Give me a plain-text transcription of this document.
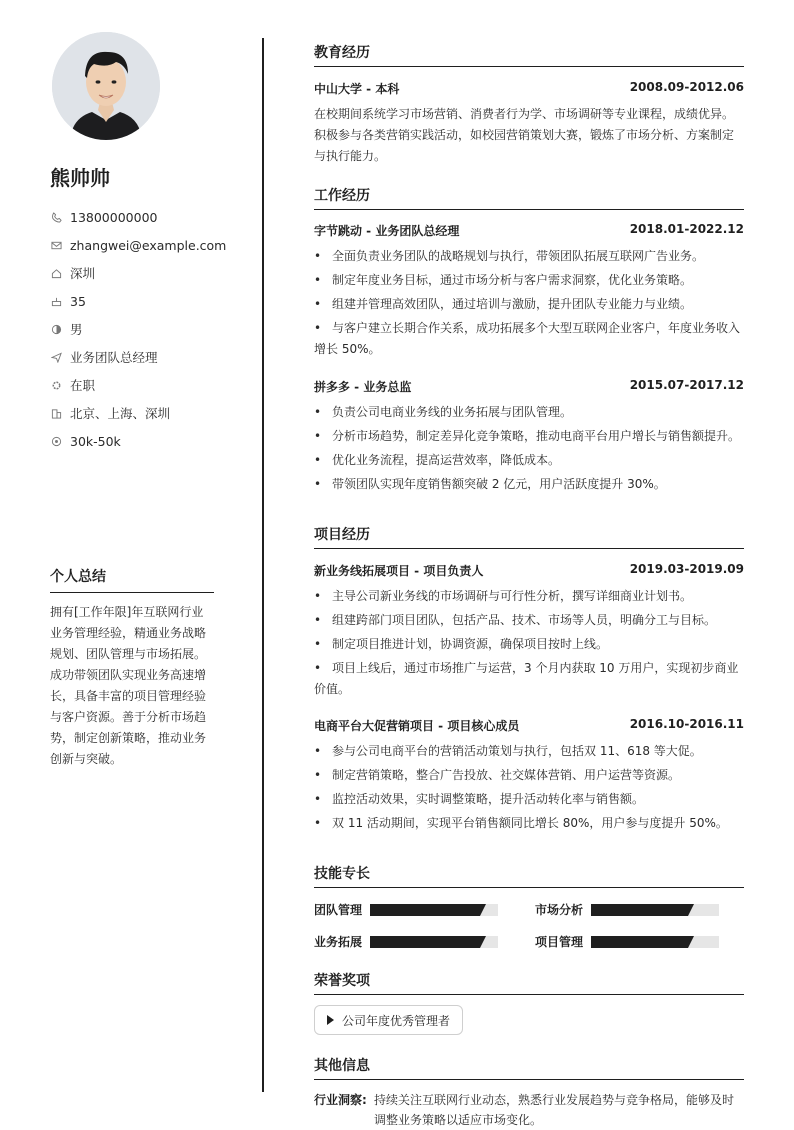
熊帅帅
13800000000
zhangwei@example.com
深圳
35
男
业务团队总经理
在职
北京、上海、深圳
30k-50k
个人总结
拥有[工作年限]年互联网行业业务管理经验，精通业务战略规划、团队管理与市场拓展。成功带领团队实现业务高速增长，具备丰富的项目管理经验与客户资源。善于分析市场趋势，制定创新策略，推动业务创新与突破。
教育经历
中山大学 - 本科	2008.09-2012.06
在校期间系统学习市场营销、消费者行为学、市场调研等专业课程，成绩优异。积极参与各类营销实践活动，如校园营销策划大赛，锻炼了市场分析、方案制定与执行能力。
工作经历
字节跳动 - 业务团队总经理	2018.01-2022.12
• 全面负责业务团队的战略规划与执行，带领团队拓展互联网广告业务。
• 制定年度业务目标，通过市场分析与客户需求洞察，优化业务策略。
• 组建并管理高效团队，通过培训与激励，提升团队专业能力与业绩。
• 与客户建立长期合作关系，成功拓展多个大型互联网企业客户，年度业务收入增长 50%。
拼多多 - 业务总监	2015.07-2017.12
• 负责公司电商业务线的业务拓展与团队管理。
• 分析市场趋势，制定差异化竞争策略，推动电商平台用户增长与销售额提升。
• 优化业务流程，提高运营效率，降低成本。
• 带领团队实现年度销售额突破 2 亿元，用户活跃度提升 30%。
项目经历
新业务线拓展项目 - 项目负责人	2019.03-2019.09
• 主导公司新业务线的市场调研与可行性分析，撰写详细商业计划书。
• 组建跨部门项目团队，包括产品、技术、市场等人员，明确分工与目标。
• 制定项目推进计划，协调资源，确保项目按时上线。
• 项目上线后，通过市场推广与运营，3 个月内获取 10 万用户，实现初步商业价值。
电商平台大促营销项目 - 项目核心成员	2016.10-2016.11
• 参与公司电商平台的营销活动策划与执行，包括双 11、618 等大促。
• 制定营销策略，整合广告投放、社交媒体营销、用户运营等资源。
• 监控活动效果，实时调整策略，提升活动转化率与销售额。
• 双 11 活动期间，实现平台销售额同比增长 80%，用户参与度提升 50%。
技能专长
团队管理	市场分析
业务拓展	项目管理
荣誉奖项
公司年度优秀管理者
其他信息
行业洞察: 持续关注互联网行业动态，熟悉行业发展趋势与竞争格局，能够及时调整业务策略以适应市场变化。
